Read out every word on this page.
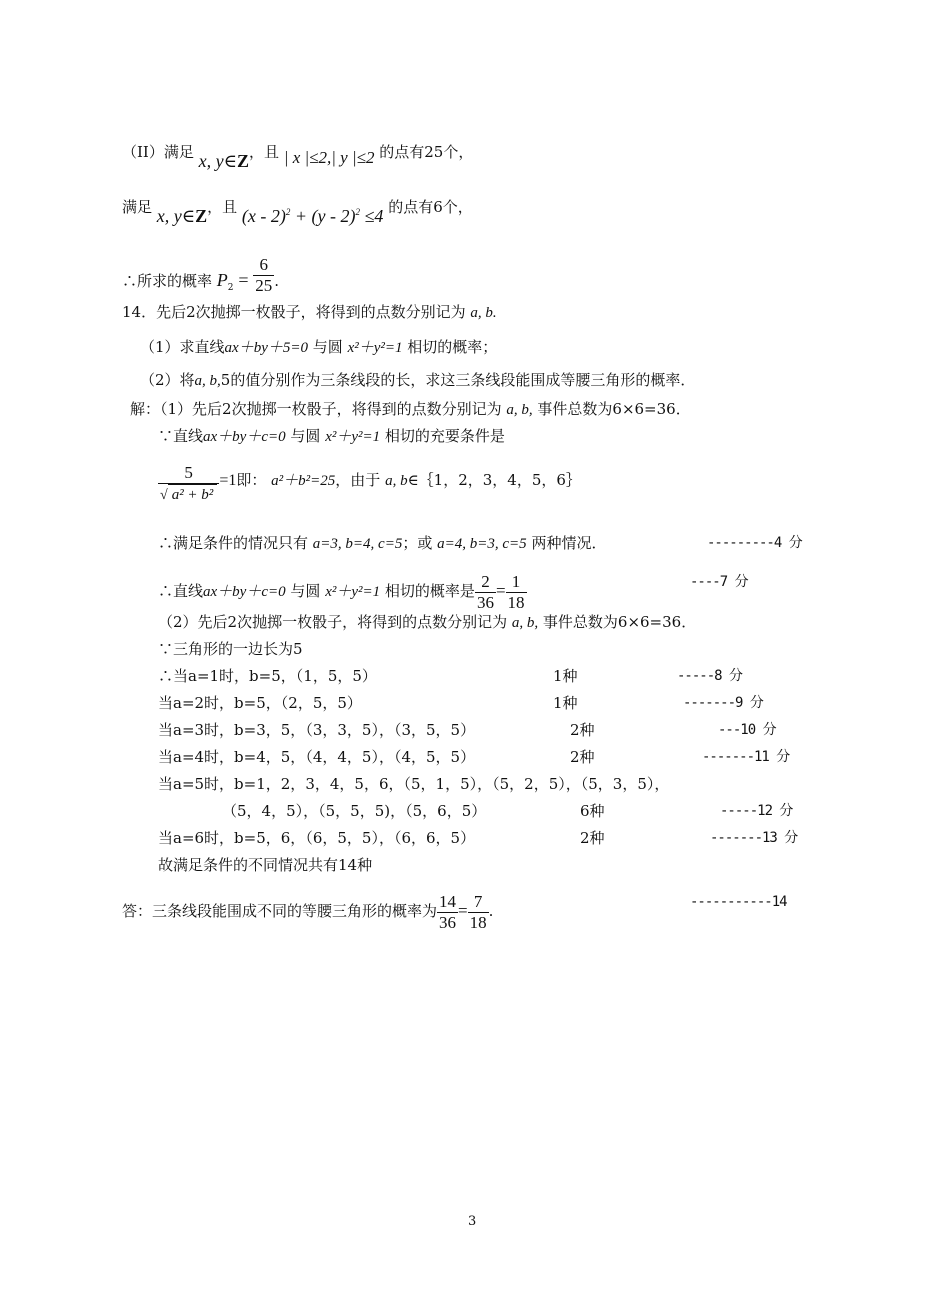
（II）满足 x, y∈Z，且 | x |≤2,| y |≤2 的点有25个，
满足 x, y∈Z，且 (x - 2)$^2$ + (y - 2)$^2$ ≤4 的点有6个，
∴所求的概率 $P_2 = \frac{6}{25}$ .
14．先后2次抛掷一枚骰子，将得到的点数分别记为 a, b.
（1）求直线ax＋by＋5=0 与圆 x²＋y²=1 相切的概率；
（2）将a, b,5的值分别作为三条线段的长，求这三条线段能围成等腰三角形的概率．
解：（1）先后2次抛掷一枚骰子，将得到的点数分别记为 a, b, 事件总数为6×6=36．
∵直线ax＋by＋c=0 与圆 x²＋y²=1 相切的充要条件是
$\frac{5}{\text{√ a² + b²}} =1$即： a²＋b²=25，由于 a, b∈｛1，2，3，4，5，6｝
∴满足条件的情况只有 a=3, b=4, c=5；或 a=4, b=3, c=5 两种情况．	---------4 分
∴直线ax＋by＋c=0 与圆 x²＋y²=1 相切的概率是 $\frac{2}{36} = \frac{1}{18}$	----7 分
（2）先后2次抛掷一枚骰子，将得到的点数分别记为 a, b, 事件总数为6×6=36．
∵三角形的一边长为5
∴当a=1时，b=5，（1，5，5）	1种	-----8 分
当a=2时，b=5，（2，5，5）	1种	-------9 分
当a=3时，b=3，5，（3，3，5），（3，5，5）	2种	---10 分
当a=4时，b=4，5，（4，4，5），（4，5，5）	2种	-------11 分
当a=5时，b=1，2，3，4，5，6，（5，1，5），（5，2，5），（5，3，5），
（5，4，5），（5，5，5)，（5，6，5）	6种	-----12 分
当a=6时，b=5，6，（6，5，5），（6，6，5）	2种	-------13 分
故满足条件的不同情况共有14种
答：三条线段能围成不同的等腰三角形的概率为 $\frac{14}{36} = \frac{7}{18}$ .	-----------14
3
